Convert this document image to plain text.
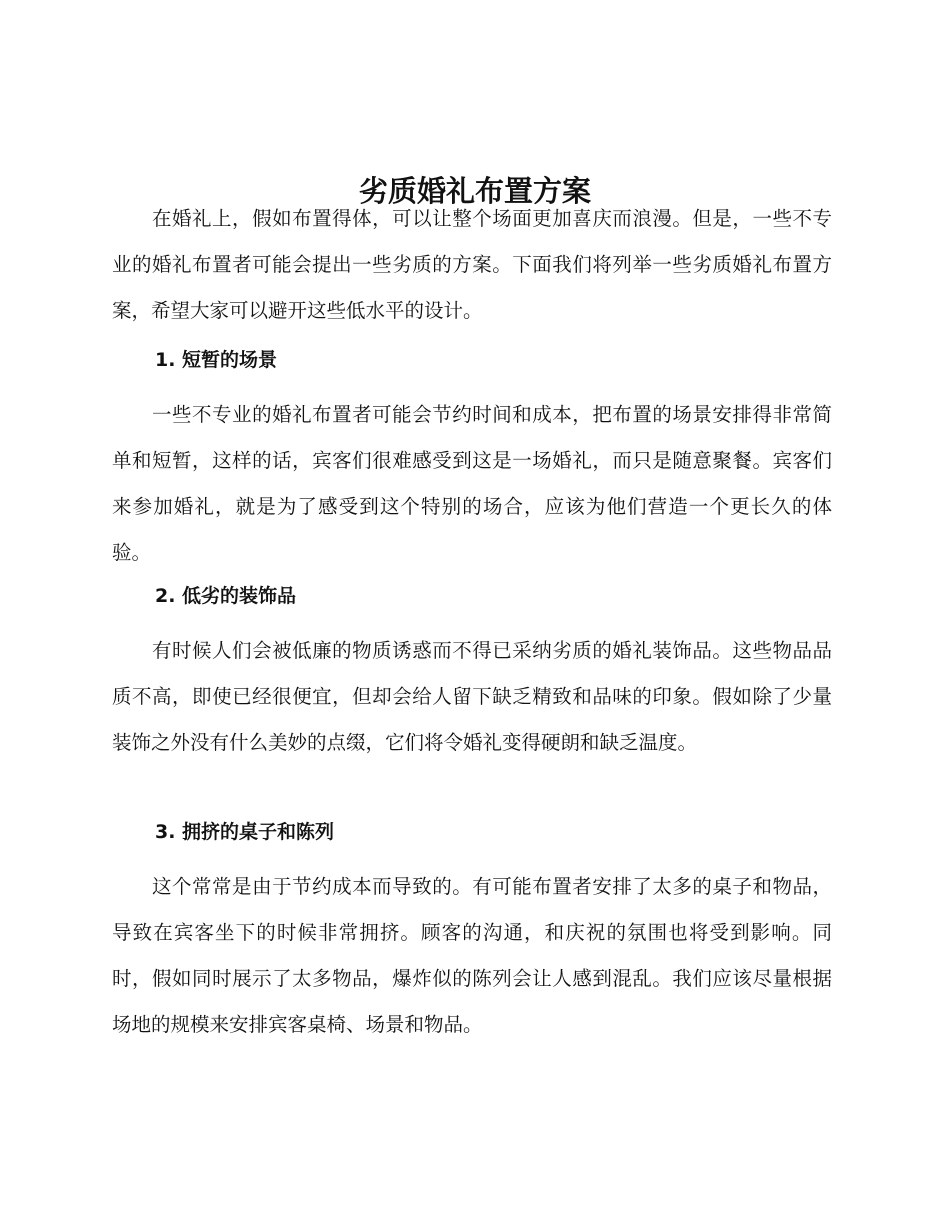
劣质婚礼布置方案

在婚礼上，假如布置得体，可以让整个场面更加喜庆而浪漫。但是，一些不专业的婚礼布置者可能会提出一些劣质的方案。下面我们将列举一些劣质婚礼布置方案，希望大家可以避开这些低水平的设计。

1. 短暂的场景

一些不专业的婚礼布置者可能会节约时间和成本，把布置的场景安排得非常简单和短暂，这样的话，宾客们很难感受到这是一场婚礼，而只是随意聚餐。宾客们来参加婚礼，就是为了感受到这个特别的场合，应该为他们营造一个更长久的体验。

2. 低劣的装饰品

有时候人们会被低廉的物质诱惑而不得已采纳劣质的婚礼装饰品。这些物品品质不高，即使已经很便宜，但却会给人留下缺乏精致和品味的印象。假如除了少量装饰之外没有什么美妙的点缀，它们将令婚礼变得硬朗和缺乏温度。

3. 拥挤的桌子和陈列

这个常常是由于节约成本而导致的。有可能布置者安排了太多的桌子和物品，导致在宾客坐下的时候非常拥挤。顾客的沟通，和庆祝的氛围也将受到影响。同时，假如同时展示了太多物品，爆炸似的陈列会让人感到混乱。我们应该尽量根据场地的规模来安排宾客桌椅、场景和物品。
